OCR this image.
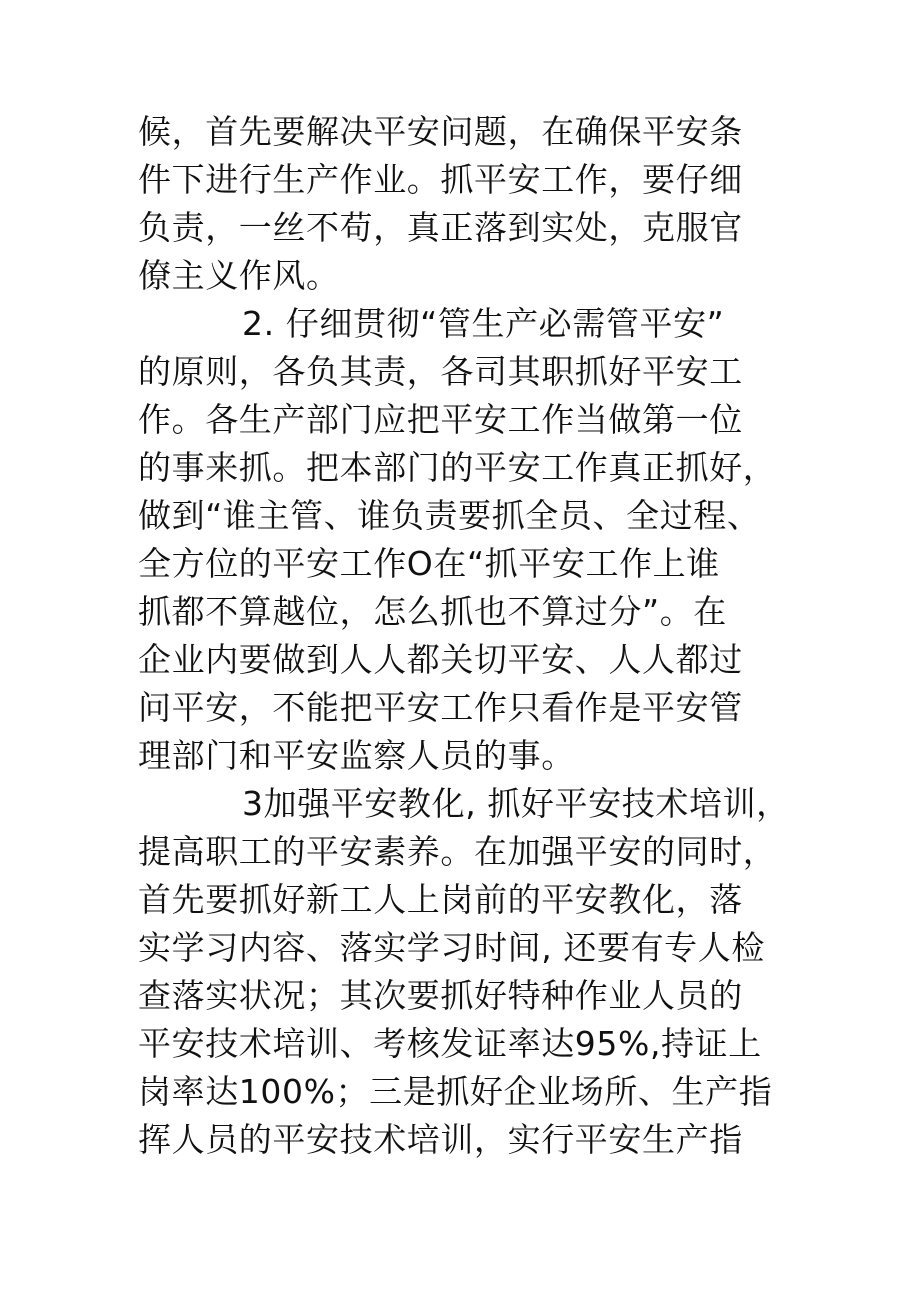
候，首先要解决平安问题，在确保平安条
件下进行生产作业。抓平安工作，要仔细
负责，一丝不苟，真正落到实处，克服官
僚主义作风。
2. 仔细贯彻“管生产必需管平安”
的原则，各负其责，各司其职抓好平安工
作。各生产部门应把平安工作当做第一位
的事来抓。把本部门的平安工作真正抓好，
做到“谁主管、谁负责要抓全员、全过程、
全方位的平安工作O在“抓平安工作上谁
抓都不算越位，怎么抓也不算过分”。在
企业内要做到人人都关切平安、人人都过
问平安，不能把平安工作只看作是平安管
理部门和平安监察人员的事。
3加强平安教化, 抓好平安技术培训，
提高职工的平安素养。在加强平安的同时，
首先要抓好新工人上岗前的平安教化，落
实学习内容、落实学习时间, 还要有专人检
查落实状况；其次要抓好特种作业人员的
平安技术培训、考核发证率达95%,持证上
岗率达100%；三是抓好企业场所、生产指
挥人员的平安技术培训，实行平安生产指
